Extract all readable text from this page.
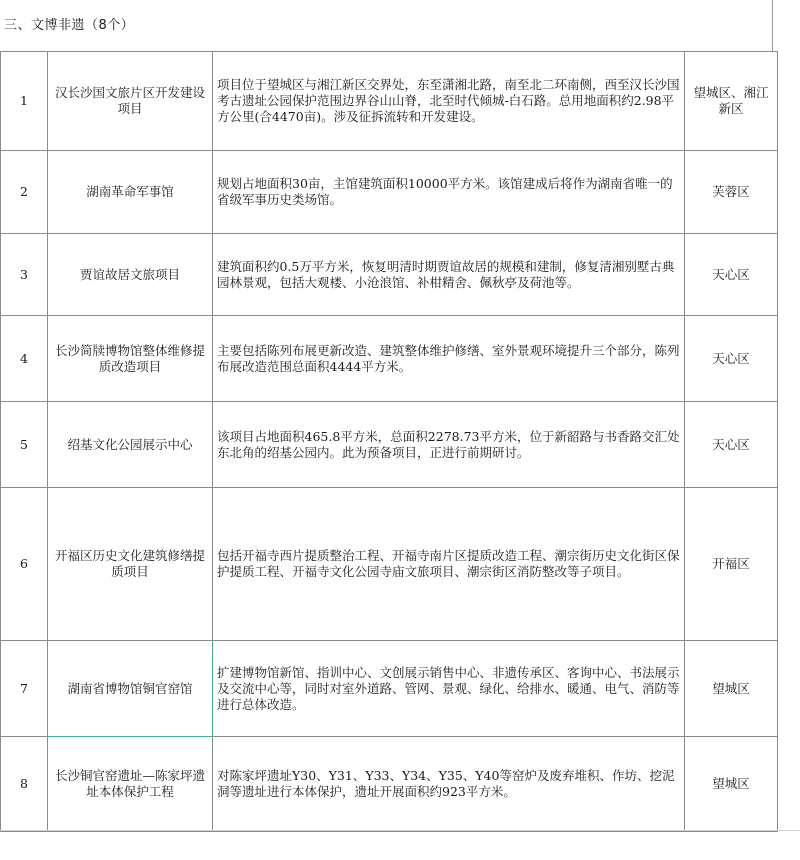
三、文博非遗（8个）
1	汉长沙国文旅片区开发建设项目	项目位于望城区与湘江新区交界处，东至潇湘北路，南至北二环南侧，西至汉长沙国考古遗址公园保护范围边界谷山山脊，北至时代倾城-白石路。总用地面积约2.98平方公里(合4470亩)。涉及征拆流转和开发建设。	望城区、湘江新区
2	湖南革命军事馆	规划占地面积30亩，主馆建筑面积10000平方米。该馆建成后将作为湖南省唯一的省级军事历史类场馆。	芙蓉区
3	贾谊故居文旅项目	建筑面积约0.5万平方米，恢复明清时期贾谊故居的规模和建制，修复清湘别墅古典园林景观，包括大观楼、小沧浪馆、补柑精舍、佩秋亭及荷池等。	天心区
4	长沙简牍博物馆整体维修提质改造项目	主要包括陈列布展更新改造、建筑整体维护修缮、室外景观环境提升三个部分，陈列布展改造范围总面积4444平方米。	天心区
5	绍基文化公园展示中心	该项目占地面积465.8平方米，总面积2278.73平方米，位于新韶路与书香路交汇处东北角的绍基公园内。此为预备项目，正进行前期研讨。	天心区
6	开福区历史文化建筑修缮提质项目	包括开福寺西片提质整治工程、开福寺南片区提质改造工程、潮宗街历史文化街区保护提质工程、开福寺文化公园寺庙文旅项目、潮宗街区消防整改等子项目。	开福区
7	湖南省博物馆铜官窑馆	扩建博物馆新馆、指训中心、文创展示销售中心、非遗传承区、客询中心、书法展示及交流中心等，同时对室外道路、管网、景观、绿化、给排水、暖通、电气、消防等进行总体改造。	望城区
8	长沙铜官窑遗址—陈家坪遗址本体保护工程	对陈家坪遗址Y30、Y31、Y33、Y34、Y35、Y40等窑炉及废弃堆积、作坊、挖泥洞等遗址进行本体保护，遗址开展面积约923平方米。	望城区
